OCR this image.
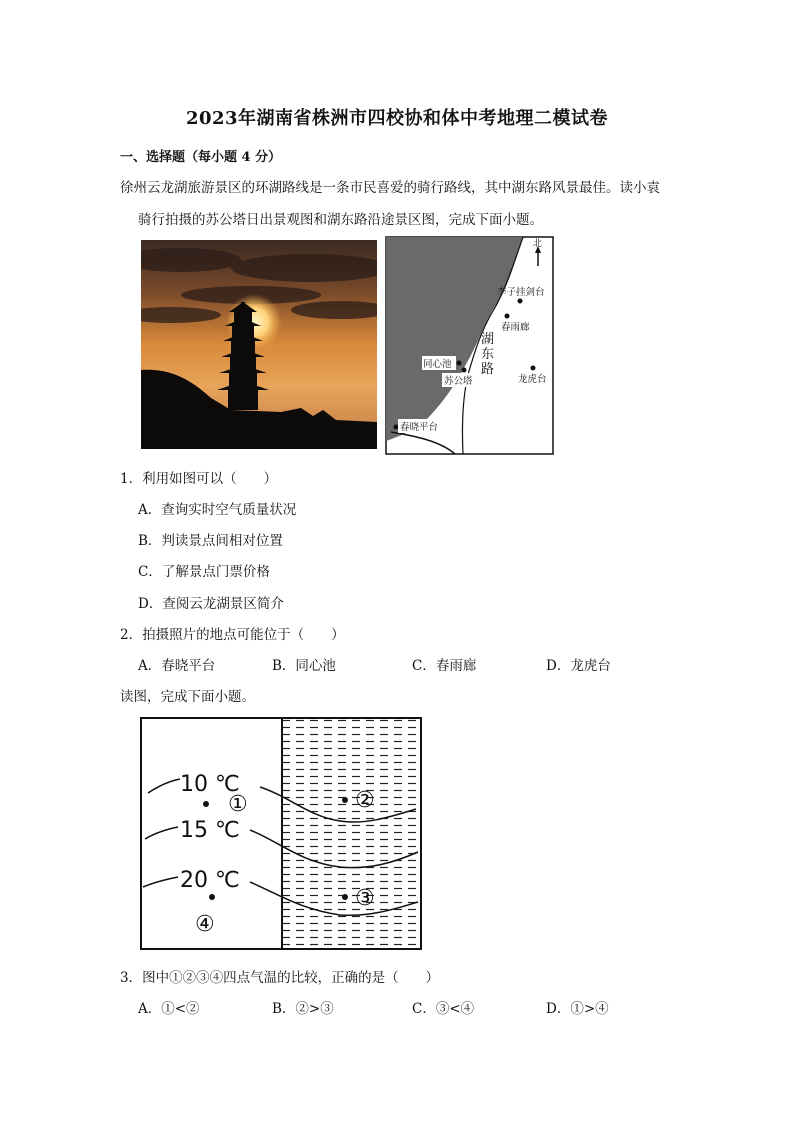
2023年湖南省株洲市四校协和体中考地理二模试卷
一、选择题（每小题 4 分）
徐州云龙湖旅游景区的环湖路线是一条市民喜爱的骑行路线，其中湖东路风景最佳。读小袁
骑行拍摄的苏公塔日出景观图和湖东路沿途景区图，完成下面小题。
北
李子挂剑台
春雨廊
湖
东
路
同心池
苏公塔	龙虎台
春晓平台
1．利用如图可以（　　）
A．查询实时空气质量状况
B．判读景点间相对位置
C．了解景点门票价格
D．查阅云龙湖景区简介
2．拍摄照片的地点可能位于（　　）
A．春晓平台	B．同心池	C．春雨廊	D．龙虎台
读图，完成下面小题。
10 ℃
15 ℃
20 ℃
①	②
③
④
3．图中①②③④四点气温的比较，正确的是（　　）
A．①<②	B．②>③	C．③<④	D．①>④
